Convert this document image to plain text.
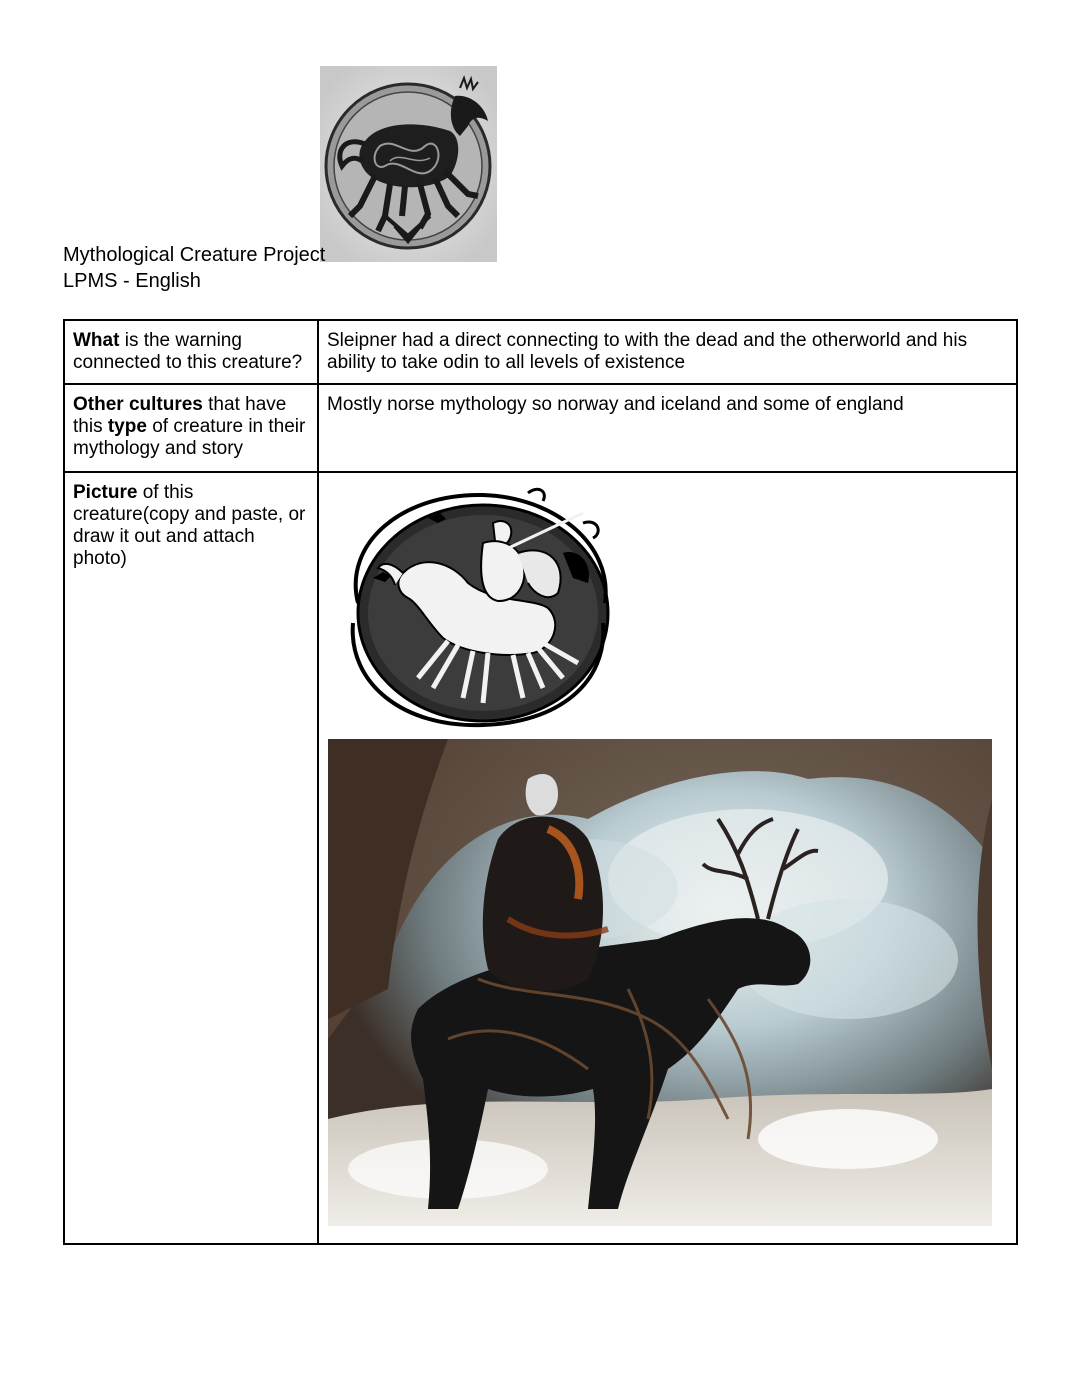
Mythological Creature Project
LPMS - English
What is the warning connected to this creature?	Sleipner had a direct connecting to with the dead and the otherworld and his ability to take odin to all levels of existence
Other cultures that have this type of creature in their mythology and story	Mostly norse mythology so norway and iceland and some of england
Picture of this creature(copy and paste, or draw it out and attach photo)	
